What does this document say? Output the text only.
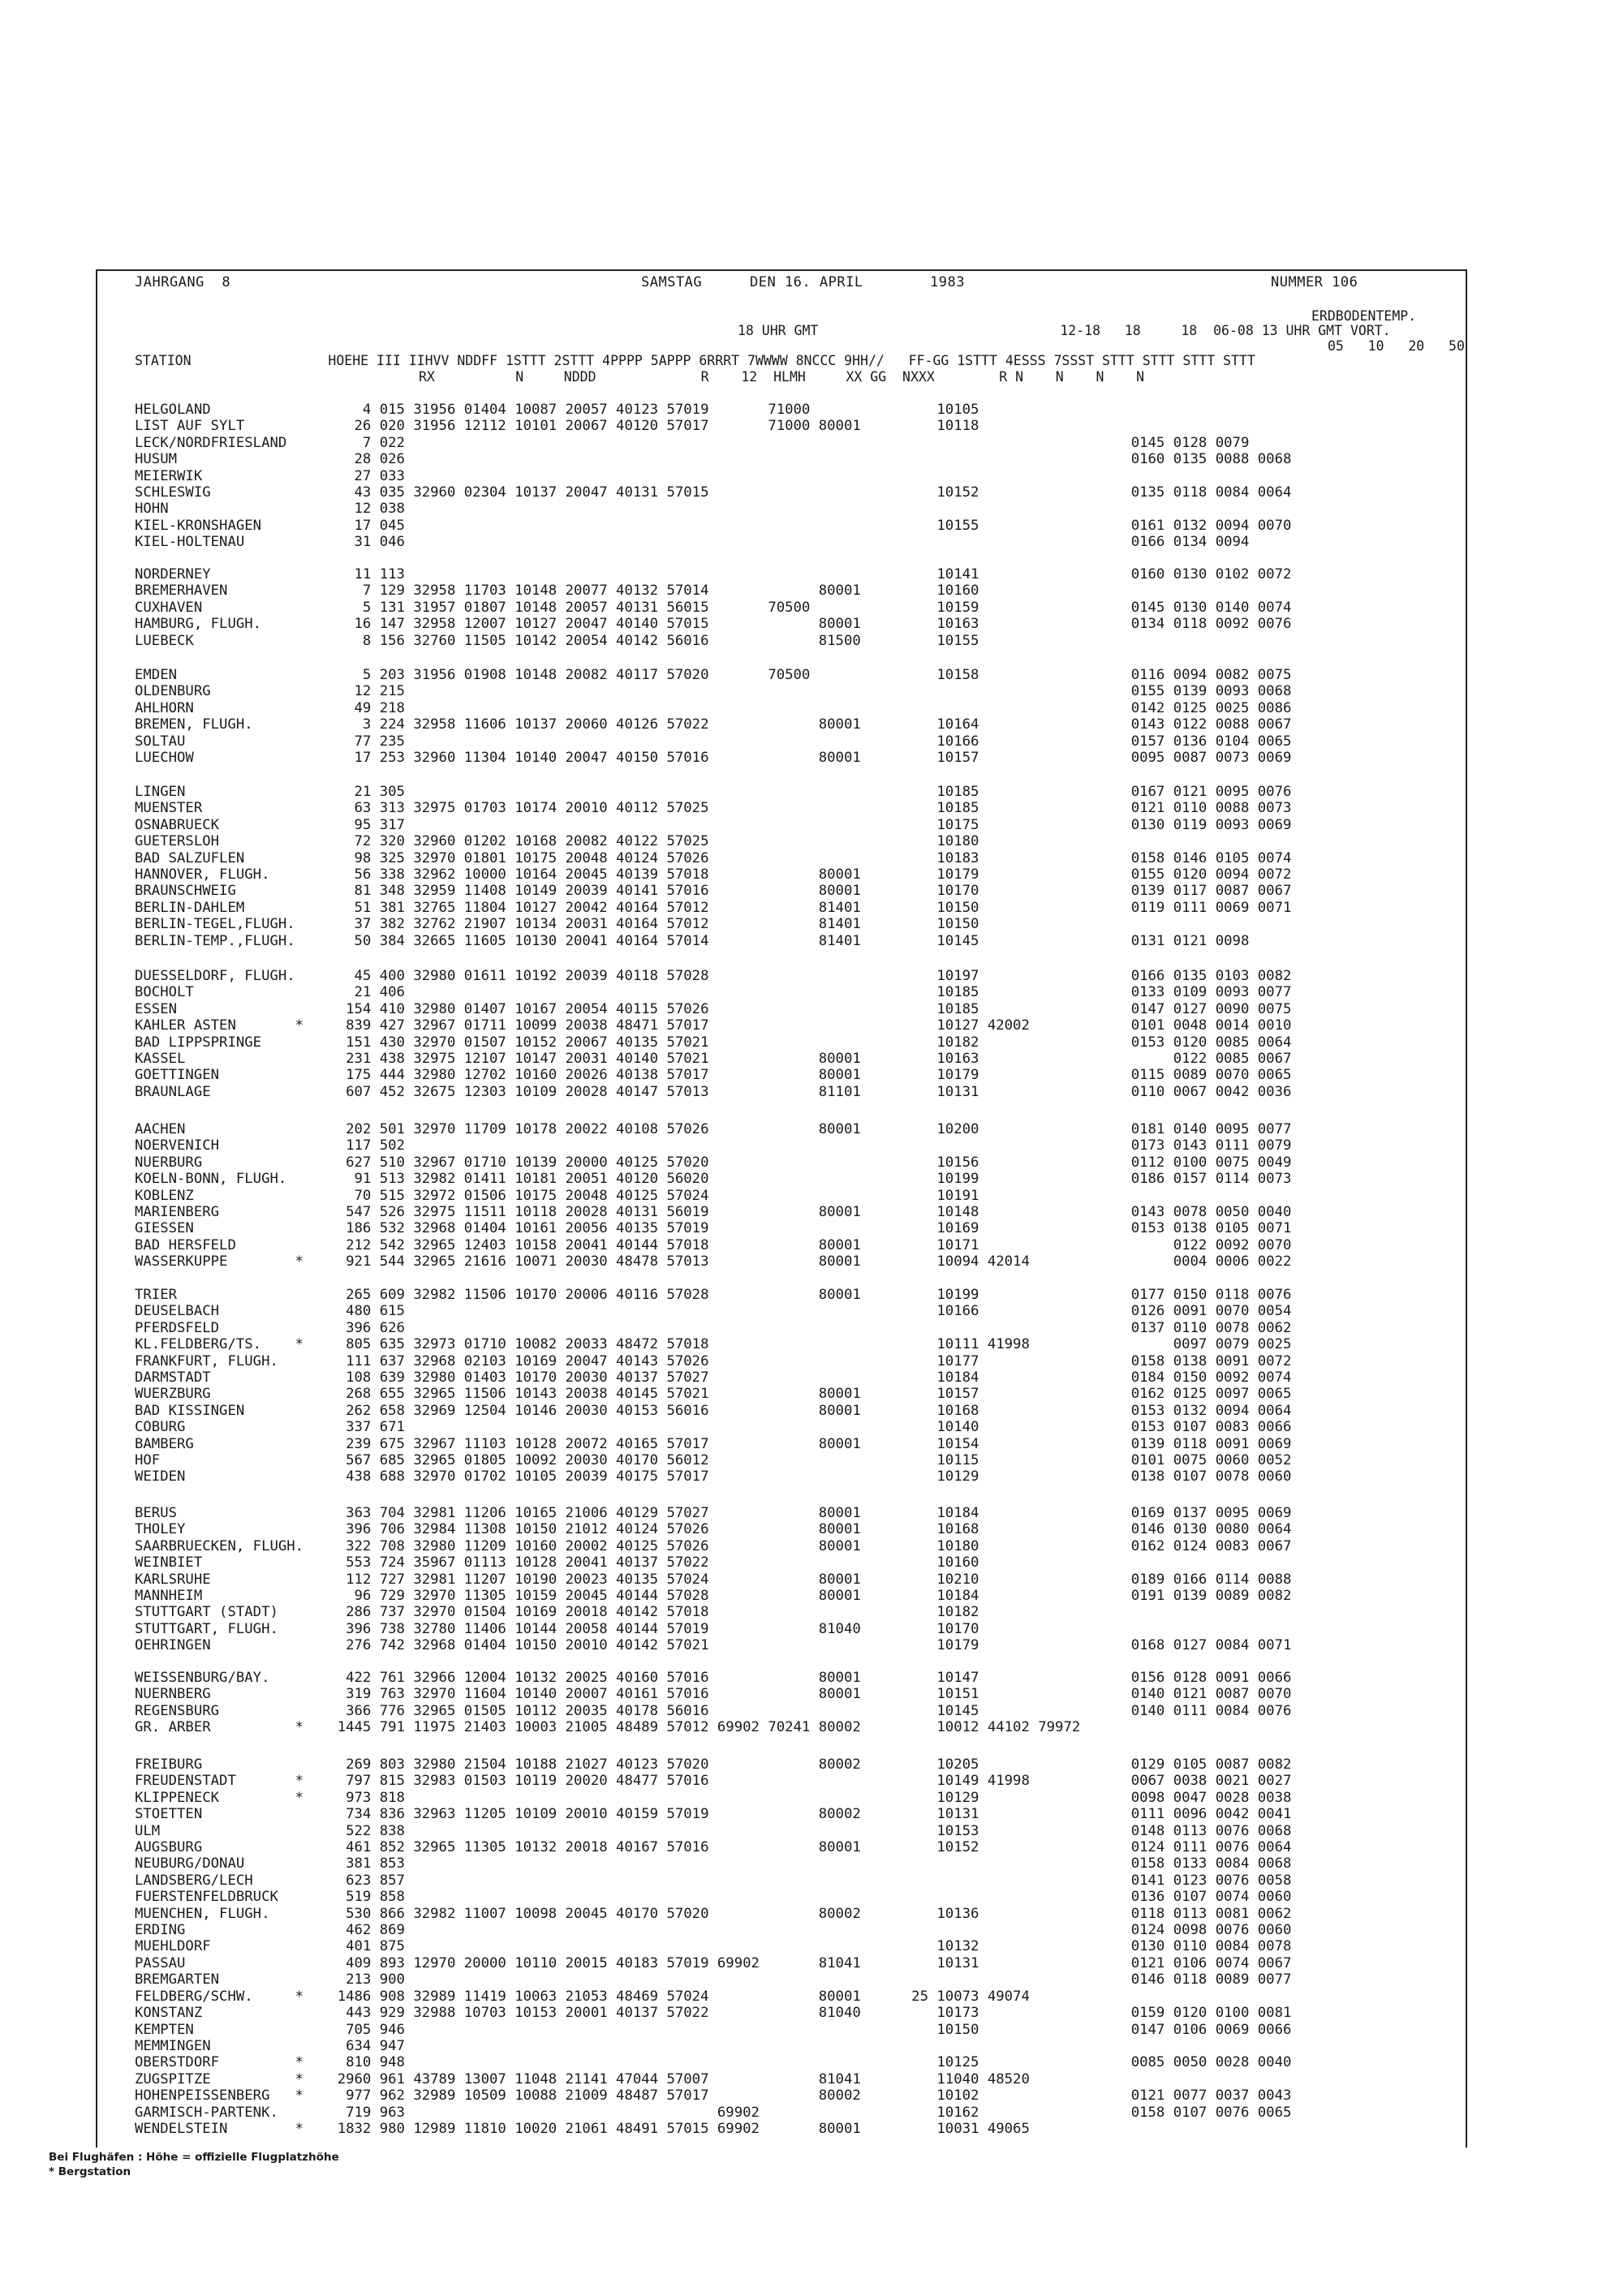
JAHRGANG  8	SAMSTAG	DEN 16. APRIL	1983	NUMMER 106
ERDBODENTEMP.
18 UHR GMT                              12-18   18     18  06-08 13 UHR GMT VORT.
05   10   20   50
STATION                 HOEHE III IIHVV NDDFF 1STTT 2STTT 4PPPP 5APPP 6RRRT 7WWWW 8NCCC 9HH//   FF-GG 1STTT 4ESSS 7SSST STTT STTT STTT STTT
RX          N     NDDD             R    12  HLMH     XX GG  NXXX        R N    N    N    N
HELGOLAND                  4 015 31956 01404 10087 20057 40123 57019       71000               10105
LIST AUF SYLT             26 020 31956 12112 10101 20067 40120 57017       71000 80001         10118
LECK/NORDFRIESLAND         7 022                                                                                      0145 0128 0079
HUSUM                     28 026                                                                                      0160 0135 0088 0068
MEIERWIK                  27 033
SCHLESWIG                 43 035 32960 02304 10137 20047 40131 57015                           10152                  0135 0118 0084 0064
HOHN                      12 038
KIEL-KRONSHAGEN           17 045                                                               10155                  0161 0132 0094 0070
KIEL-HOLTENAU             31 046                                                                                      0166 0134 0094
NORDERNEY                 11 113                                                               10141                  0160 0130 0102 0072
BREMERHAVEN                7 129 32958 11703 10148 20077 40132 57014             80001         10160
CUXHAVEN                   5 131 31957 01807 10148 20057 40131 56015       70500               10159                  0145 0130 0140 0074
HAMBURG, FLUGH.           16 147 32958 12007 10127 20047 40140 57015             80001         10163                  0134 0118 0092 0076
LUEBECK                    8 156 32760 11505 10142 20054 40142 56016             81500         10155
EMDEN                      5 203 31956 01908 10148 20082 40117 57020       70500               10158                  0116 0094 0082 0075
OLDENBURG                 12 215                                                                                      0155 0139 0093 0068
AHLHORN                   49 218                                                                                      0142 0125 0025 0086
BREMEN, FLUGH.             3 224 32958 11606 10137 20060 40126 57022             80001         10164                  0143 0122 0088 0067
SOLTAU                    77 235                                                               10166                  0157 0136 0104 0065
LUECHOW                   17 253 32960 11304 10140 20047 40150 57016             80001         10157                  0095 0087 0073 0069
LINGEN                    21 305                                                               10185                  0167 0121 0095 0076
MUENSTER                  63 313 32975 01703 10174 20010 40112 57025                           10185                  0121 0110 0088 0073
OSNABRUECK                95 317                                                               10175                  0130 0119 0093 0069
GUETERSLOH                72 320 32960 01202 10168 20082 40122 57025                           10180
BAD SALZUFLEN             98 325 32970 01801 10175 20048 40124 57026                           10183                  0158 0146 0105 0074
HANNOVER, FLUGH.          56 338 32962 10000 10164 20045 40139 57018             80001         10179                  0155 0120 0094 0072
BRAUNSCHWEIG              81 348 32959 11408 10149 20039 40141 57016             80001         10170                  0139 0117 0087 0067
BERLIN-DAHLEM             51 381 32765 11804 10127 20042 40164 57012             81401         10150                  0119 0111 0069 0071
BERLIN-TEGEL,FLUGH.       37 382 32762 21907 10134 20031 40164 57012             81401         10150
BERLIN-TEMP.,FLUGH.       50 384 32665 11605 10130 20041 40164 57014             81401         10145                  0131 0121 0098
DUESSELDORF, FLUGH.       45 400 32980 01611 10192 20039 40118 57028                           10197                  0166 0135 0103 0082
BOCHOLT                   21 406                                                               10185                  0133 0109 0093 0077
ESSEN                    154 410 32980 01407 10167 20054 40115 57026                           10185                  0147 0127 0090 0075
KAHLER ASTEN       *     839 427 32967 01711 10099 20038 48471 57017                           10127 42002            0101 0048 0014 0010
BAD LIPPSPRINGE          151 430 32970 01507 10152 20067 40135 57021                           10182                  0153 0120 0085 0064
KASSEL                   231 438 32975 12107 10147 20031 40140 57021             80001         10163                       0122 0085 0067
GOETTINGEN               175 444 32980 12702 10160 20026 40138 57017             80001         10179                  0115 0089 0070 0065
BRAUNLAGE                607 452 32675 12303 10109 20028 40147 57013             81101         10131                  0110 0067 0042 0036
AACHEN                   202 501 32970 11709 10178 20022 40108 57026             80001         10200                  0181 0140 0095 0077
NOERVENICH               117 502                                                                                      0173 0143 0111 0079
NUERBURG                 627 510 32967 01710 10139 20000 40125 57020                           10156                  0112 0100 0075 0049
KOELN-BONN, FLUGH.        91 513 32982 01411 10181 20051 40120 56020                           10199                  0186 0157 0114 0073
KOBLENZ                   70 515 32972 01506 10175 20048 40125 57024                           10191
MARIENBERG               547 526 32975 11511 10118 20028 40131 56019             80001         10148                  0143 0078 0050 0040
GIESSEN                  186 532 32968 01404 10161 20056 40135 57019                           10169                  0153 0138 0105 0071
BAD HERSFELD             212 542 32965 12403 10158 20041 40144 57018             80001         10171                       0122 0092 0070
WASSERKUPPE        *     921 544 32965 21616 10071 20030 48478 57013             80001         10094 42014                 0004 0006 0022
TRIER                    265 609 32982 11506 10170 20006 40116 57028             80001         10199                  0177 0150 0118 0076
DEUSELBACH               480 615                                                               10166                  0126 0091 0070 0054
PFERDSFELD               396 626                                                                                      0137 0110 0078 0062
KL.FELDBERG/TS.    *     805 635 32973 01710 10082 20033 48472 57018                           10111 41998                 0097 0079 0025
FRANKFURT, FLUGH.        111 637 32968 02103 10169 20047 40143 57026                           10177                  0158 0138 0091 0072
DARMSTADT                108 639 32980 01403 10170 20030 40137 57027                           10184                  0184 0150 0092 0074
WUERZBURG                268 655 32965 11506 10143 20038 40145 57021             80001         10157                  0162 0125 0097 0065
BAD KISSINGEN            262 658 32969 12504 10146 20030 40153 56016             80001         10168                  0153 0132 0094 0064
COBURG                   337 671                                                               10140                  0153 0107 0083 0066
BAMBERG                  239 675 32967 11103 10128 20072 40165 57017             80001         10154                  0139 0118 0091 0069
HOF                      567 685 32965 01805 10092 20030 40170 56012                           10115                  0101 0075 0060 0052
WEIDEN                   438 688 32970 01702 10105 20039 40175 57017                           10129                  0138 0107 0078 0060
BERUS                    363 704 32981 11206 10165 21006 40129 57027             80001         10184                  0169 0137 0095 0069
THOLEY                   396 706 32984 11308 10150 21012 40124 57026             80001         10168                  0146 0130 0080 0064
SAARBRUECKEN, FLUGH.     322 708 32980 11209 10160 20002 40125 57026             80001         10180                  0162 0124 0083 0067
WEINBIET                 553 724 35967 01113 10128 20041 40137 57022                           10160
KARLSRUHE                112 727 32981 11207 10190 20023 40135 57024             80001         10210                  0189 0166 0114 0088
MANNHEIM                  96 729 32970 11305 10159 20045 40144 57028             80001         10184                  0191 0139 0089 0082
STUTTGART (STADT)        286 737 32970 01504 10169 20018 40142 57018                           10182
STUTTGART, FLUGH.        396 738 32780 11406 10144 20058 40144 57019             81040         10170
OEHRINGEN                276 742 32968 01404 10150 20010 40142 57021                           10179                  0168 0127 0084 0071
WEISSENBURG/BAY.         422 761 32966 12004 10132 20025 40160 57016             80001         10147                  0156 0128 0091 0066
NUERNBERG                319 763 32970 11604 10140 20007 40161 57016             80001         10151                  0140 0121 0087 0070
REGENSBURG               366 776 32965 01505 10112 20035 40178 56016                           10145                  0140 0111 0084 0076
GR. ARBER          *    1445 791 11975 21403 10003 21005 48489 57012 69902 70241 80002         10012 44102 79972
FREIBURG                 269 803 32980 21504 10188 21027 40123 57020             80002         10205                  0129 0105 0087 0082
FREUDENSTADT       *     797 815 32983 01503 10119 20020 48477 57016                           10149 41998            0067 0038 0021 0027
KLIPPENECK         *     973 818                                                               10129                  0098 0047 0028 0038
STOETTEN                 734 836 32963 11205 10109 20010 40159 57019             80002         10131                  0111 0096 0042 0041
ULM                      522 838                                                               10153                  0148 0113 0076 0068
AUGSBURG                 461 852 32965 11305 10132 20018 40167 57016             80001         10152                  0124 0111 0076 0064
NEUBURG/DONAU            381 853                                                                                      0158 0133 0084 0068
LANDSBERG/LECH           623 857                                                                                      0141 0123 0076 0058
FUERSTENFELDBRUCK        519 858                                                                                      0136 0107 0074 0060
MUENCHEN, FLUGH.         530 866 32982 11007 10098 20045 40170 57020             80002         10136                  0118 0113 0081 0062
ERDING                   462 869                                                                                      0124 0098 0076 0060
MUEHLDORF                401 875                                                               10132                  0130 0110 0084 0078
PASSAU                   409 893 12970 20000 10110 20015 40183 57019 69902       81041         10131                  0121 0106 0074 0067
BREMGARTEN               213 900                                                                                      0146 0118 0089 0077
FELDBERG/SCHW.     *    1486 908 32989 11419 10063 21053 48469 57024             80001      25 10073 49074
KONSTANZ                 443 929 32988 10703 10153 20001 40137 57022             81040         10173                  0159 0120 0100 0081
KEMPTEN                  705 946                                                               10150                  0147 0106 0069 0066
MEMMINGEN                634 947
OBERSTDORF         *     810 948                                                               10125                  0085 0050 0028 0040
ZUGSPITZE          *    2960 961 43789 13007 11048 21141 47044 57007             81041         11040 48520
HOHENPEISSENBERG   *     977 962 32989 10509 10088 21009 48487 57017             80002         10102                  0121 0077 0037 0043
GARMISCH-PARTENK.        719 963                                     69902                     10162                  0158 0107 0076 0065
WENDELSTEIN        *    1832 980 12989 11810 10020 21061 48491 57015 69902       80001         10031 49065
Bei Flughäfen : Höhe = offizielle Flugplatzhöhe
* Bergstation
